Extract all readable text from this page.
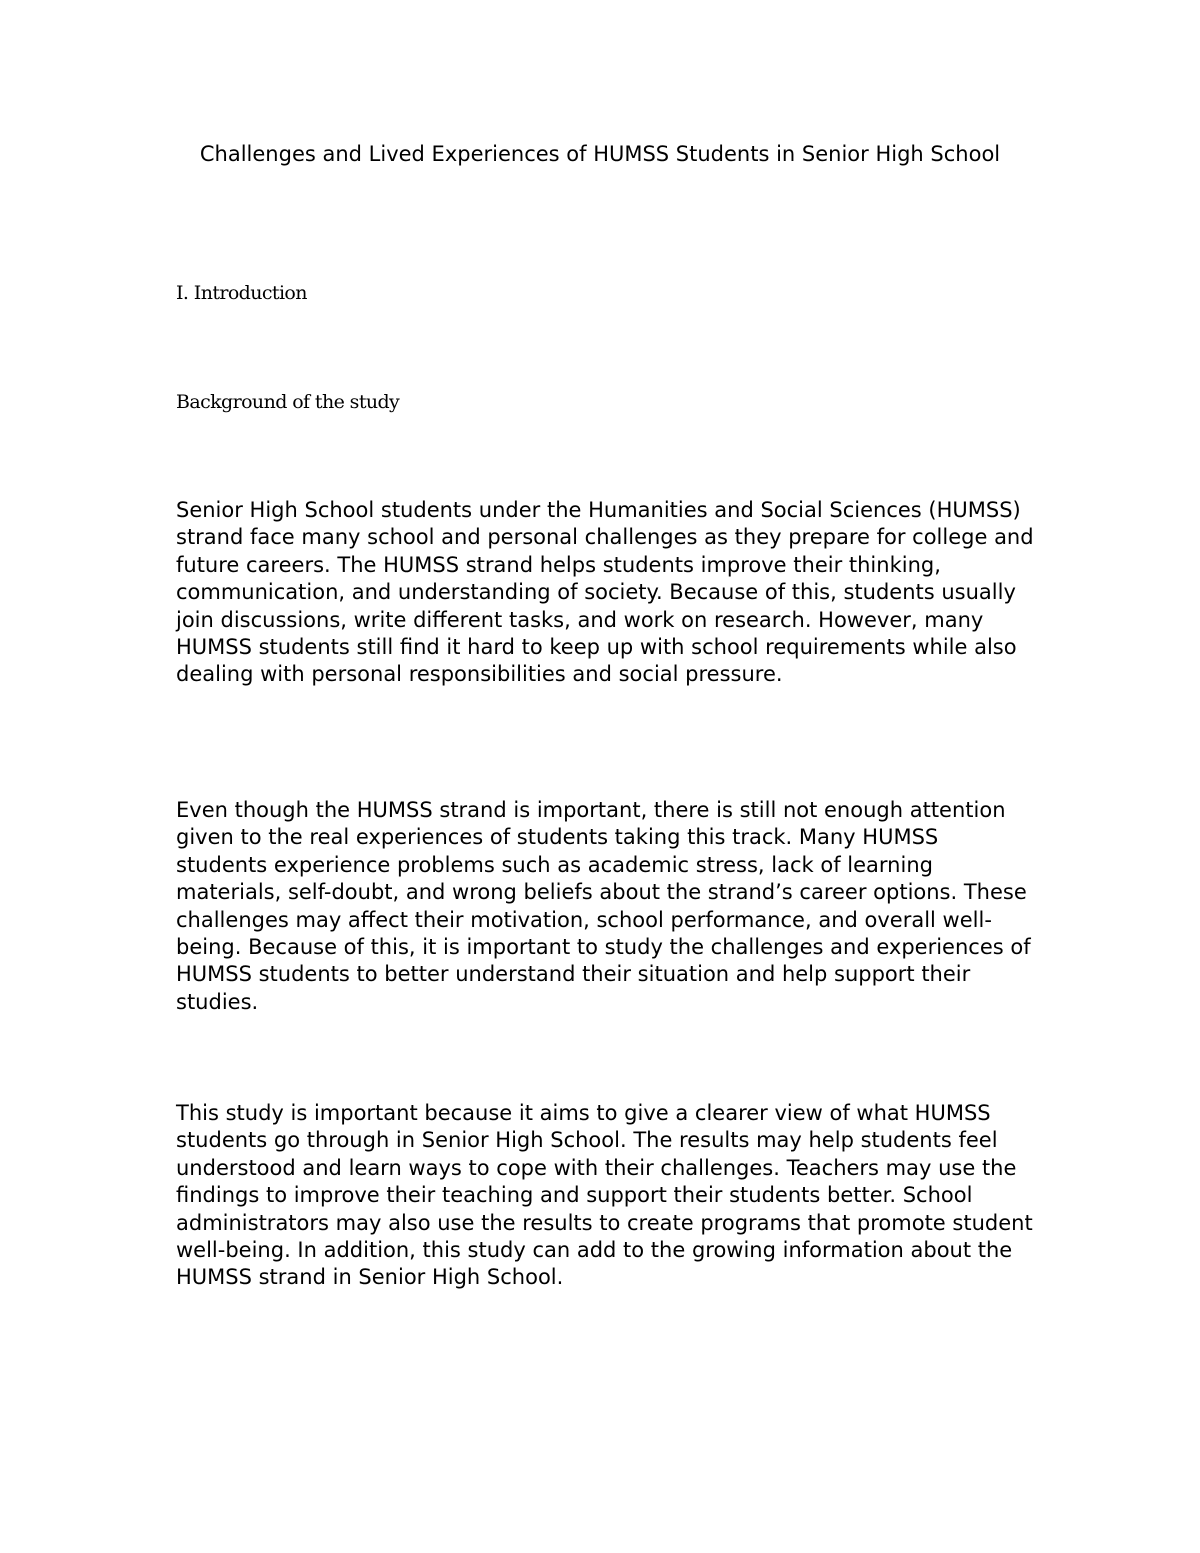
Challenges and Lived Experiences of HUMSS Students in Senior High School
I. Introduction
Background of the study

Senior High School students under the Humanities and Social Sciences (HUMSS) strand face many school and personal challenges as they prepare for college and future careers. The HUMSS strand helps students improve their thinking, communication, and understanding of society. Because of this, students usually join discussions, write different tasks, and work on research. However, many HUMSS students still find it hard to keep up with school requirements while also dealing with personal responsibilities and social pressure.

Even though the HUMSS strand is important, there is still not enough attention given to the real experiences of students taking this track. Many HUMSS students experience problems such as academic stress, lack of learning materials, self-doubt, and wrong beliefs about the strand’s career options. These challenges may affect their motivation, school performance, and overall well-being. Because of this, it is important to study the challenges and experiences of HUMSS students to better understand their situation and help support their studies.

This study is important because it aims to give a clearer view of what HUMSS students go through in Senior High School. The results may help students feel understood and learn ways to cope with their challenges. Teachers may use the findings to improve their teaching and support their students better. School administrators may also use the results to create programs that promote student well-being. In addition, this study can add to the growing information about the HUMSS strand in Senior High School.
